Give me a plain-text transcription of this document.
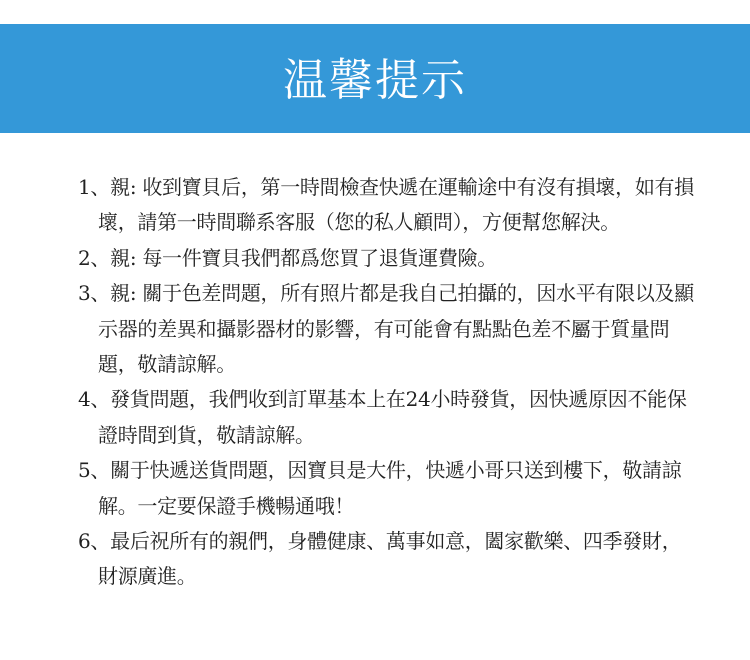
温馨提示
1、親: 收到寶貝后，第一時間檢查快遞在運輸途中有沒有損壞，如有損壞，請第一時間聯系客服（您的私人顧問），方便幫您解決。
2、親: 每一件寶貝我們都爲您買了退貨運費險。
3、親: 關于色差問題，所有照片都是我自己拍攝的，因水平有限以及顯示器的差異和攝影器材的影響，有可能會有點點色差不屬于質量問題，敬請諒解。
4、發貨問題，我們收到訂單基本上在24小時發貨，因快遞原因不能保證時間到貨，敬請諒解。
5、關于快遞送貨問題，因寶貝是大件，快遞小哥只送到樓下，敬請諒解。一定要保證手機暢通哦！
6、最后祝所有的親們，身體健康、萬事如意，闔家歡樂、四季發財，財源廣進。
